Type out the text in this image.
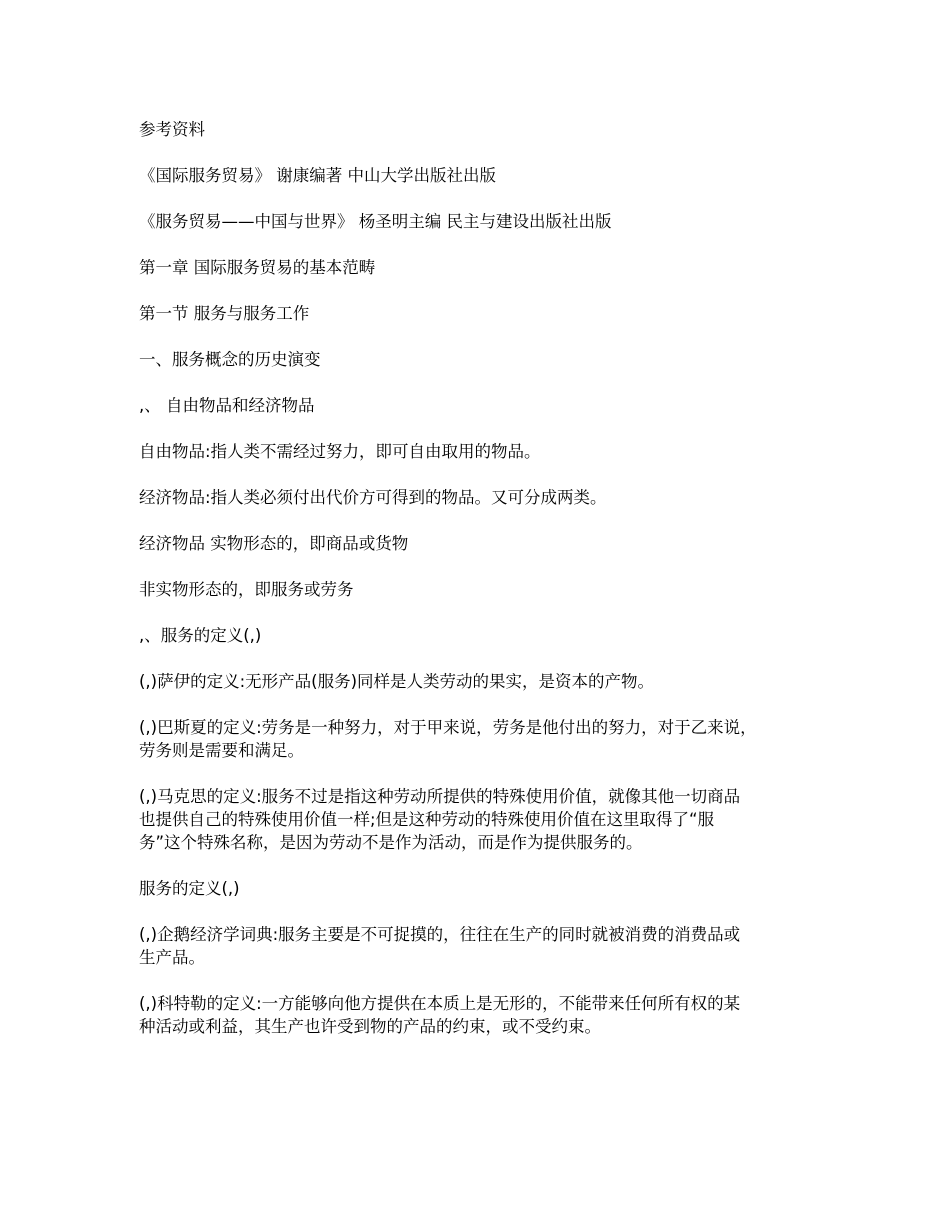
参考资料

《国际服务贸易》 谢康编著 中山大学出版社出版

《服务贸易——中国与世界》 杨圣明主编 民主与建设出版社出版

第一章 国际服务贸易的基本范畴

第一节 服务与服务工作

一、服务概念的历史演变

,、 自由物品和经济物品

自由物品:指人类不需经过努力，即可自由取用的物品。

经济物品:指人类必须付出代价方可得到的物品。又可分成两类。

经济物品 实物形态的，即商品或货物

非实物形态的，即服务或劳务

,、服务的定义(,)

(,)萨伊的定义:无形产品(服务)同样是人类劳动的果实，是资本的产物。

(,)巴斯夏的定义:劳务是一种努力，对于甲来说，劳务是他付出的努力，对于乙来说，
劳务则是需要和满足。

(,)马克思的定义:服务不过是指这种劳动所提供的特殊使用价值，就像其他一切商品
也提供自己的特殊使用价值一样;但是这种劳动的特殊使用价值在这里取得了“服
务”这个特殊名称，是因为劳动不是作为活动，而是作为提供服务的。

服务的定义(,)

(,)企鹅经济学词典:服务主要是不可捉摸的，往往在生产的同时就被消费的消费品或
生产品。

(,)科特勒的定义:一方能够向他方提供在本质上是无形的，不能带来任何所有权的某
种活动或利益，其生产也许受到物的产品的约束，或不受约束。
